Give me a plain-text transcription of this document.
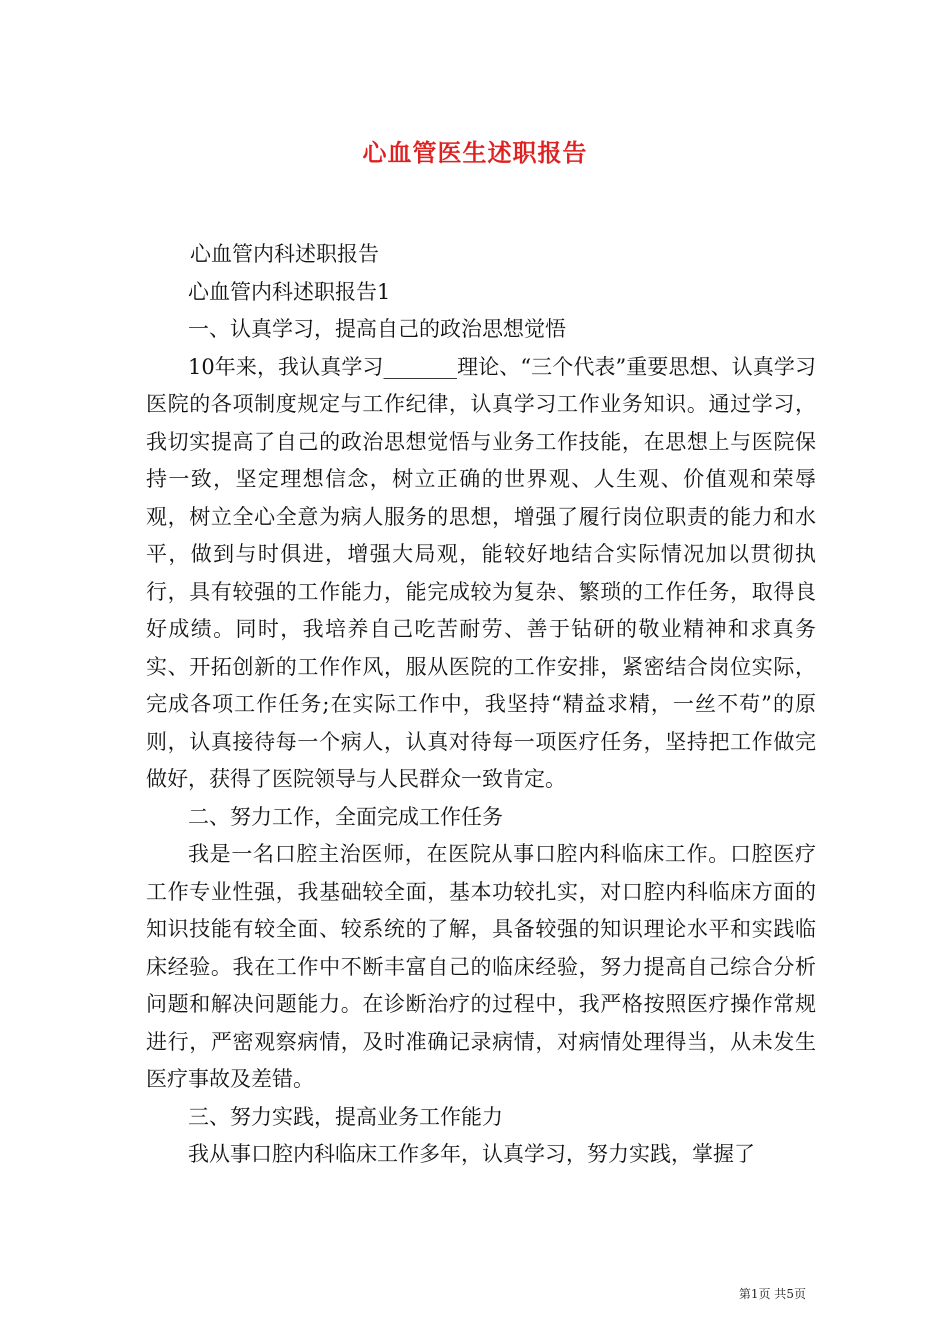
心血管医生述职报告

心血管内科述职报告

心血管内科述职报告1

一、认真学习，提高自己的政治思想觉悟

10年来，我认真学习_______理论、“三个代表”重要思想、认真学习医院的各项制度规定与工作纪律，认真学习工作业务知识。通过学习，我切实提高了自己的政治思想觉悟与业务工作技能，在思想上与医院保持一致，坚定理想信念，树立正确的世界观、人生观、价值观和荣辱观，树立全心全意为病人服务的思想，增强了履行岗位职责的能力和水平，做到与时俱进，增强大局观，能较好地结合实际情况加以贯彻执行，具有较强的工作能力，能完成较为复杂、繁琐的工作任务，取得良好成绩。同时，我培养自己吃苦耐劳、善于钻研的敬业精神和求真务实、开拓创新的工作作风，服从医院的工作安排，紧密结合岗位实际，完成各项工作任务;在实际工作中，我坚持“精益求精，一丝不苟”的原则，认真接待每一个病人，认真对待每一项医疗任务，坚持把工作做完做好，获得了医院领导与人民群众一致肯定。

二、努力工作，全面完成工作任务

我是一名口腔主治医师，在医院从事口腔内科临床工作。口腔医疗工作专业性强，我基础较全面，基本功较扎实，对口腔内科临床方面的知识技能有较全面、较系统的了解，具备较强的知识理论水平和实践临床经验。我在工作中不断丰富自己的临床经验，努力提高自己综合分析问题和解决问题能力。在诊断治疗的过程中，我严格按照医疗操作常规进行，严密观察病情，及时准确记录病情，对病情处理得当，从未发生医疗事故及差错。

三、努力实践，提高业务工作能力

我从事口腔内科临床工作多年，认真学习，努力实践，掌握了

第1页 共5页
